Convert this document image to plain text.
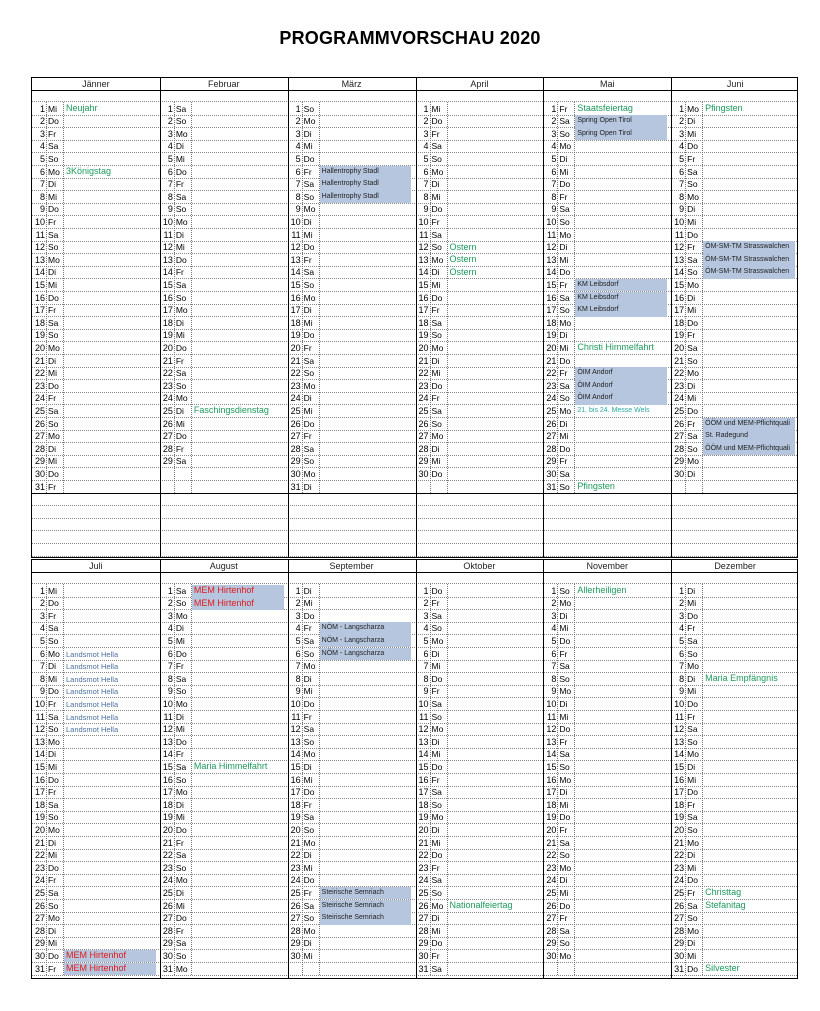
PROGRAMMVORSCHAU 2020
Jänner
1 Mi Neujahr
2 Do
3 Fr
4 Sa
5 So
6 Mo 3Königstag
7 Di
8 Mi
9 Do
10 Fr
11 Sa
12 So
13 Mo
14 Di
15 Mi
16 Do
17 Fr
18 Sa
19 So
20 Mo
21 Di
22 Mi
23 Do
24 Fr
25 Sa
26 So
27 Mo
28 Di
29 Mi
30 Do
31 Fr
Februar
1 Sa
2 So
3 Mo
4 Di
5 Mi
6 Do
7 Fr
8 Sa
9 So
10 Mo
11 Di
12 Mi
13 Do
14 Fr
15 Sa
16 So
17 Mo
18 Di
19 Mi
20 Do
21 Fr
22 Sa
23 So
24 Mo
25 Di Faschingsdienstag
26 Mi
27 Do
28 Fr
29 Sa
März
1 So
2 Mo
3 Di
4 Mi
5 Do
6 Fr Hallentrophy Stadl
7 Sa Hallentrophy Stadl
8 So Hallentrophy Stadl
9 Mo
10 Di
11 Mi
12 Do
13 Fr
14 Sa
15 So
16 Mo
17 Di
18 Mi
19 Do
20 Fr
21 Sa
22 So
23 Mo
24 Di
25 Mi
26 Do
27 Fr
28 Sa
29 So
30 Mo
31 Di
April
1 Mi
2 Do
3 Fr
4 Sa
5 So
6 Mo
7 Di
8 Mi
9 Do
10 Fr
11 Sa
12 So Ostern
13 Mo Ostern
14 Di Ostern
15 Mi
16 Do
17 Fr
18 Sa
19 So
20 Mo
21 Di
22 Mi
23 Do
24 Fr
25 Sa
26 So
27 Mo
28 Di
29 Mi
30 Do
Mai
1 Fr Staatsfeiertag
2 Sa Spring Open Tirol
3 So Spring Open Tirol
4 Mo
5 Di
6 Mi
7 Do
8 Fr
9 Sa
10 So
11 Mo
12 Di
13 Mi
14 Do
15 Fr KM Leibsdorf
16 Sa KM Leibsdorf
17 So KM Leibsdorf
18 Mo
19 Di
20 Mi Christi Himmelfahrt
21 Do
22 Fr ÖIM Andorf
23 Sa ÖIM Andorf
24 So ÖIM Andorf
25 Mo 21. bis 24. Messe Wels
26 Di
27 Mi
28 Do
29 Fr
30 Sa
31 So Pfingsten
Juni
1 Mo Pfingsten
2 Di
3 Mi
4 Do
5 Fr
6 Sa
7 So
8 Mo
9 Di
10 Mi
11 Do
12 Fr ÖM-SM-TM Strasswalchen
13 Sa ÖM-SM-TM Strasswalchen
14 So ÖM-SM-TM Strasswalchen
15 Mo
16 Di
17 Mi
18 Do
19 Fr
20 Sa
21 So
22 Mo
23 Di
24 Mi
25 Do
26 Fr ÖÖM und MEM-Pflichtquali
27 Sa St. Radegund
28 So ÖÖM und MEM-Pflichtquali
29 Mo
30 Di
Juli
1 Mi
2 Do
3 Fr
4 Sa
5 So
6 Mo Landsmot Hella
7 Di Landsmot Hella
8 Mi Landsmot Hella
9 Do Landsmot Hella
10 Fr Landsmot Hella
11 Sa Landsmot Hella
12 So Landsmot Hella
13 Mo
14 Di
15 Mi
16 Do
17 Fr
18 Sa
19 So
20 Mo
21 Di
22 Mi
23 Do
24 Fr
25 Sa
26 So
27 Mo
28 Di
29 Mi
30 Do MEM Hirtenhof
31 Fr MEM Hirtenhof
August
1 Sa MEM Hirtenhof
2 So MEM Hirtenhof
3 Mo
4 Di
5 Mi
6 Do
7 Fr
8 Sa
9 So
10 Mo
11 Di
12 Mi
13 Do
14 Fr
15 Sa Maria Himmelfahrt
16 So
17 Mo
18 Di
19 Mi
20 Do
21 Fr
22 Sa
23 So
24 Mo
25 Di
26 Mi
27 Do
28 Fr
29 Sa
30 So
31 Mo
September
1 Di
2 Mi
3 Do
4 Fr NÖM - Langscharza
5 Sa NÖM - Langscharza
6 So NÖM - Langscharza
7 Mo
8 Di
9 Mi
10 Do
11 Fr
12 Sa
13 So
14 Mo
15 Di
16 Mi
17 Do
18 Fr
19 Sa
20 So
21 Mo
22 Di
23 Mi
24 Do
25 Fr Steirische Semriach
26 Sa Steirische Semriach
27 So Steirische Semriach
28 Mo
29 Di
30 Mi
Oktober
1 Do
2 Fr
3 Sa
4 So
5 Mo
6 Di
7 Mi
8 Do
9 Fr
10 Sa
11 So
12 Mo
13 Di
14 Mi
15 Do
16 Fr
17 Sa
18 So
19 Mo
20 Di
21 Mi
22 Do
23 Fr
24 Sa
25 So
26 Mo Nationalfeiertag
27 Di
28 Mi
29 Do
30 Fr
31 Sa
November
1 So Allerheiligen
2 Mo
3 Di
4 Mi
5 Do
6 Fr
7 Sa
8 So
9 Mo
10 Di
11 Mi
12 Do
13 Fr
14 Sa
15 So
16 Mo
17 Di
18 Mi
19 Do
20 Fr
21 Sa
22 So
23 Mo
24 Di
25 Mi
26 Do
27 Fr
28 Sa
29 So
30 Mo
Dezember
1 Di
2 Mi
3 Do
4 Fr
5 Sa
6 So
7 Mo
8 Di Maria Empfängnis
9 Mi
10 Do
11 Fr
12 Sa
13 So
14 Mo
15 Di
16 Mi
17 Do
18 Fr
19 Sa
20 So
21 Mo
22 Di
23 Mi
24 Do
25 Fr Christtag
26 Sa Stefanitag
27 So
28 Mo
29 Di
30 Mi
31 Do Silvester
